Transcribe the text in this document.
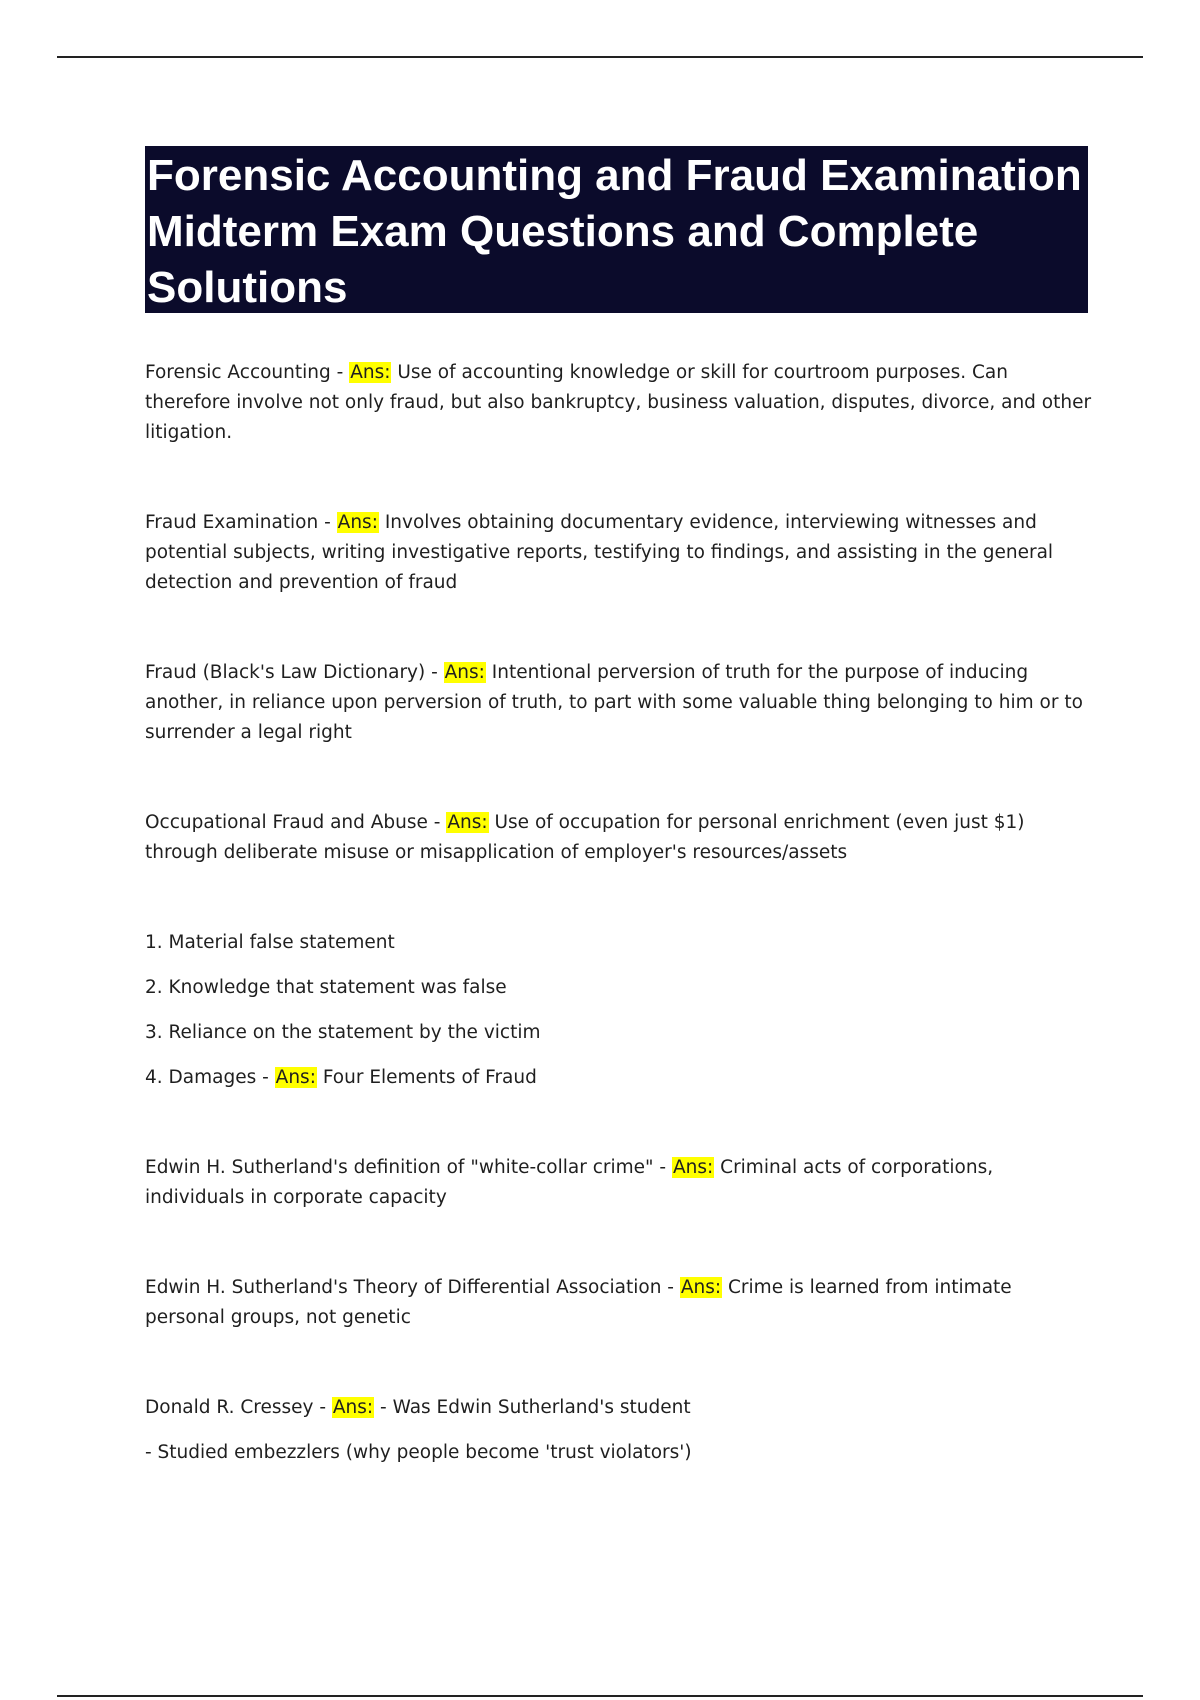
Forensic Accounting and Fraud Examination Midterm Exam Questions and Complete Solutions

Forensic Accounting - Ans: Use of accounting knowledge or skill for courtroom purposes. Can therefore involve not only fraud, but also bankruptcy, business valuation, disputes, divorce, and other litigation.

Fraud Examination - Ans: Involves obtaining documentary evidence, interviewing witnesses and potential subjects, writing investigative reports, testifying to findings, and assisting in the general detection and prevention of fraud

Fraud (Black's Law Dictionary) - Ans: Intentional perversion of truth for the purpose of inducing another, in reliance upon perversion of truth, to part with some valuable thing belonging to him or to surrender a legal right

Occupational Fraud and Abuse - Ans: Use of occupation for personal enrichment (even just $1) through deliberate misuse or misapplication of employer's resources/assets

1. Material false statement

2. Knowledge that statement was false

3. Reliance on the statement by the victim

4. Damages - Ans: Four Elements of Fraud

Edwin H. Sutherland's definition of "white-collar crime" - Ans: Criminal acts of corporations, individuals in corporate capacity

Edwin H. Sutherland's Theory of Differential Association - Ans: Crime is learned from intimate personal groups, not genetic

Donald R. Cressey - Ans: - Was Edwin Sutherland's student

- Studied embezzlers (why people become 'trust violators')
